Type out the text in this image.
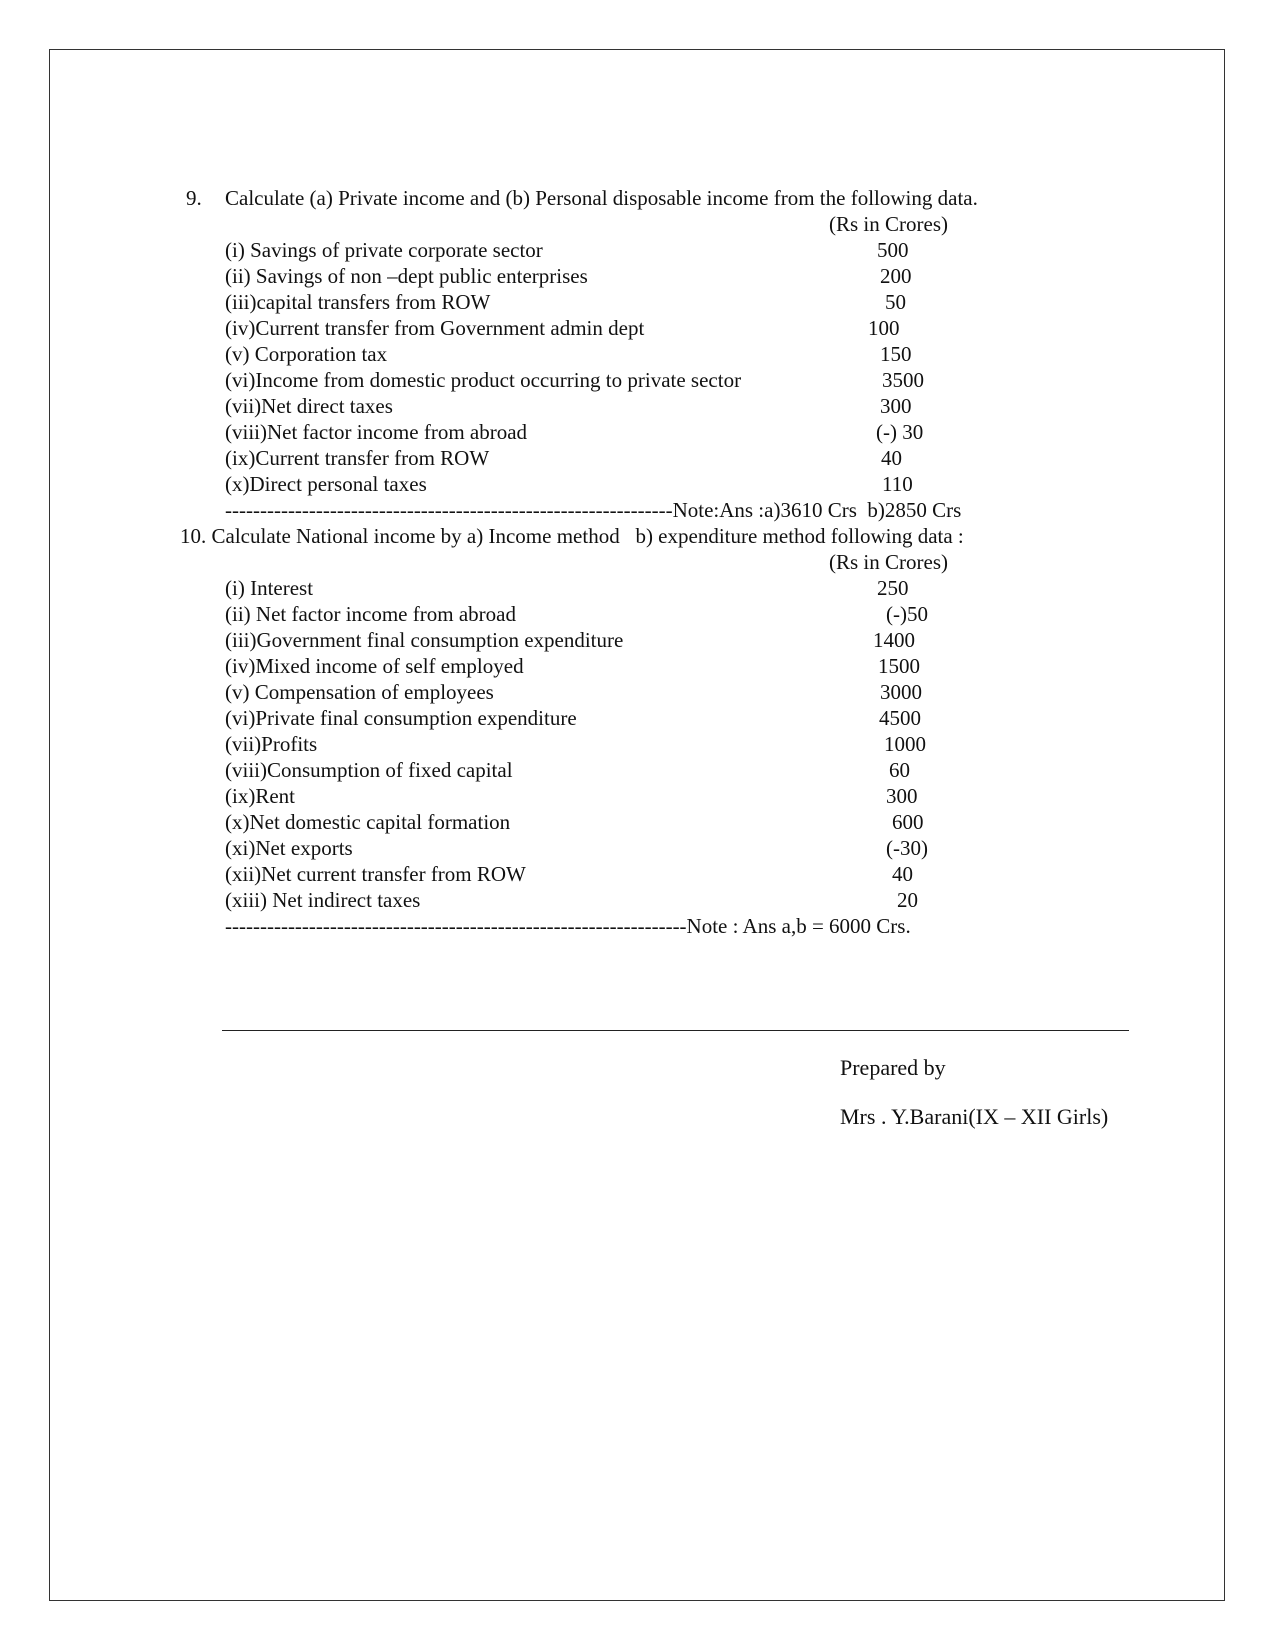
9. Calculate (a) Private income and (b) Personal disposable income from the following data.
(Rs in Crores)
(i) Savings of private corporate sector	500
(ii) Savings of non –dept public enterprises	200
(iii)capital transfers from ROW	50
(iv)Current transfer from Government admin dept	100
(v) Corporation tax	150
(vi)Income from domestic product occurring to private sector	3500
(vii)Net direct taxes	300
(viii)Net factor income from abroad	(-) 30
(ix)Current transfer from ROW	40
(x)Direct personal taxes	110
----------------------------------------------------------------Note:Ans :a)3610 Crs  b)2850 Crs
10. Calculate National income by a) Income method   b) expenditure method following data :
(Rs in Crores)
(i) Interest	250
(ii) Net factor income from abroad	(-)50
(iii)Government final consumption expenditure	1400
(iv)Mixed income of self employed	1500
(v) Compensation of employees	3000
(vi)Private final consumption expenditure	4500
(vii)Profits	1000
(viii)Consumption of fixed capital	60
(ix)Rent	300
(x)Net domestic capital formation	600
(xi)Net exports	(-30)
(xii)Net current transfer from ROW	40
(xiii) Net indirect taxes	20
------------------------------------------------------------------Note : Ans a,b = 6000 Crs.
Prepared by
Mrs . Y.Barani(IX – XII Girls)
